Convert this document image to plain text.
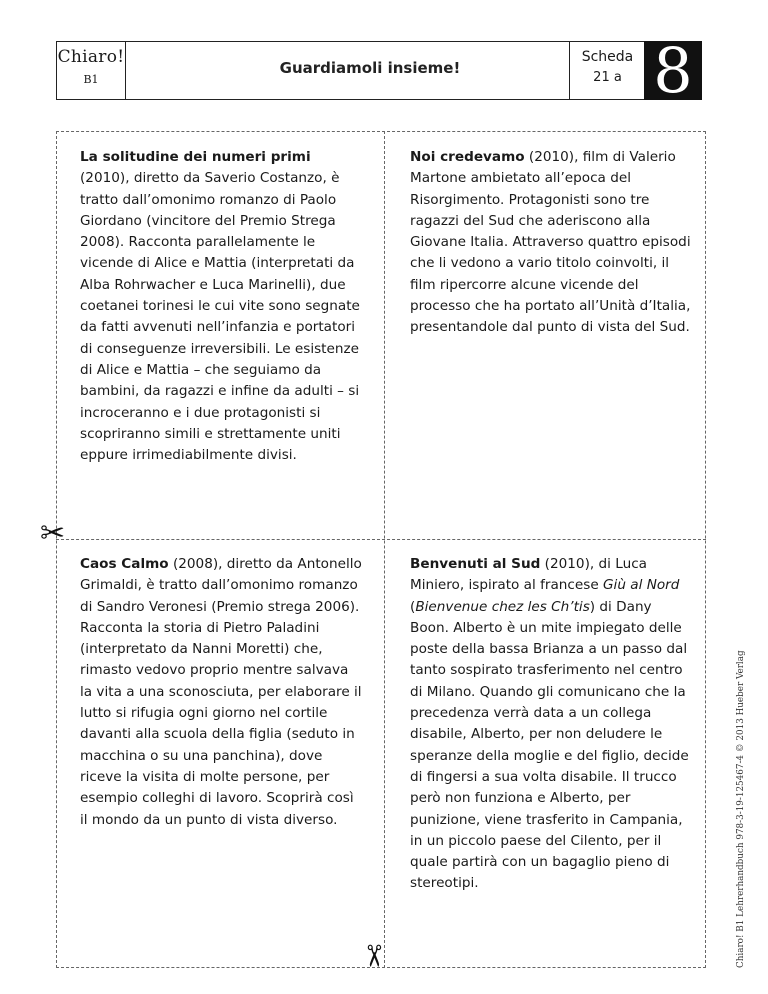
Chiaro!
B1
Guardiamoli insieme!
Scheda
21 a 8
La solitudine dei numeri primi (2010), diretto da Saverio Costanzo, è tratto dall’omonimo romanzo di Paolo Giordano (vincitore del Premio Strega 2008). Racconta parallelamente le vicende di Alice e Mattia (interpretati da Alba Rohrwacher e Luca Marinelli), due coetanei torinesi le cui vite sono segnate da fatti avvenuti nell’infanzia e portatori di conseguenze irreversibili. Le esistenze di Alice e Mattia – che seguiamo da bambini, da ragazzi e infine da adulti – si incroceranno e i due protagonisti si scopriranno simili e strettamente uniti eppure irrimediabilmente divisi.
Noi credevamo (2010), film di Valerio Martone ambietato all’epoca del Risorgimento. Protagonisti sono tre ragazzi del Sud che aderiscono alla Giovane Italia. Attraverso quattro episodi che li vedono a vario titolo coinvolti, il film ripercorre alcune vicende del processo che ha portato all’Unità d’Italia, presentandole dal punto di vista del Sud.
Caos Calmo (2008), diretto da Antonello Grimaldi, è tratto dall’omonimo romanzo di Sandro Veronesi (Premio strega 2006). Racconta la storia di Pietro Paladini (interpretato da Nanni Moretti) che, rimasto vedovo proprio mentre salvava la vita a una sconosciuta, per elaborare il lutto si rifugia ogni giorno nel cortile davanti alla scuola della figlia (seduto in macchina o su una panchina), dove riceve la visita di molte persone, per esempio colleghi di lavoro. Scoprirà così il mondo da un punto di vista diverso.
Benvenuti al Sud (2010), di Luca Miniero, ispirato al francese Giù al Nord (Bienvenue chez les Ch’tis) di Dany Boon. Alberto è un mite impiegato delle poste della bassa Brianza a un passo dal tanto sospirato trasferimento nel centro di Milano. Quando gli comunicano che la precedenza verrà data a un collega disabile, Alberto, per non deludere le speranze della moglie e del figlio, decide di fingersi a sua volta disabile. Il trucco però non funziona e Alberto, per punizione, viene trasferito in Campania, in un piccolo paese del Cilento, per il quale partirà con un bagaglio pieno di stereotipi.
✂
✂	Chiaro! B1 Lehrerhandbuch 978-3-19-125467-4 © 2013 Hueber Verlag
